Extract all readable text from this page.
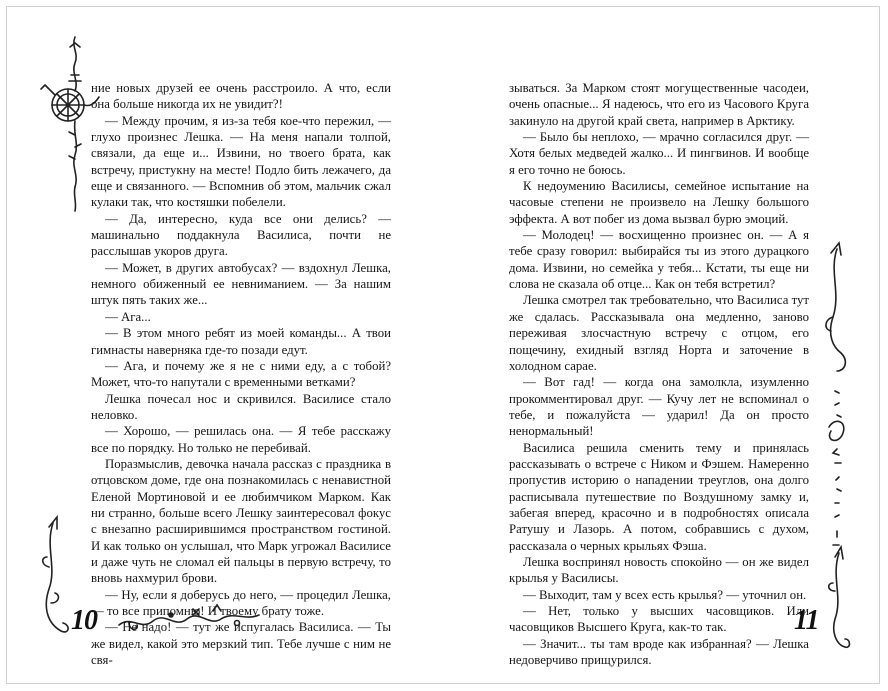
10

ние новых друзей ее очень расстроило. А что, если она больше никогда их не увидит?!

— Между прочим, я из-за тебя кое-что пережил, — глухо произнес Лешка. — На меня напали толпой, связали, да еще и... Извини, но твоего брата, как встречу, пристукну на месте! Подло бить лежачего, да еще и связанного. — Вспомнив об этом, мальчик сжал кулаки так, что костяшки побелели.

— Да, интересно, куда все они делись? — машинально поддакнула Василиса, почти не расслышав укоров друга.

— Может, в других автобусах? — вздохнул Лешка, немного обиженный ее невниманием. — За нашим штук пять таких же...

— Ага...

— В этом много ребят из моей команды... А твои гимнасты наверняка где-то позади едут.

— Ага, и почему же я не с ними еду, а с тобой? Может, что-то напутали с временными ветками?

Лешка почесал нос и скривился. Василисе стало неловко.

— Хорошо, — решилась она. — Я тебе расскажу все по порядку. Но только не перебивай.

Поразмыслив, девочка начала рассказ с праздника в отцовском доме, где она познакомилась с ненавистной Еленой Мортиновой и ее любимчиком Марком. Как ни странно, больше всего Лешку заинтересовал фокус с внезапно расширившимся пространством гостиной. И как только он услышал, что Марк угрожал Василисе и даже чуть не сломал ей пальцы в первую встречу, то вновь нахмурил брови.

— Ну, если я доберусь до него, — процедил Лешка, — то все припомню! И твоему брату тоже.

— Не надо! — тут же испугалась Василиса. — Ты же видел, какой это мерзкий тип. Тебе лучше с ним не свя-

11

зываться. За Марком стоят могущественные часодеи, очень опасные... Я надеюсь, что его из Часового Круга закинуло на другой край света, например в Арктику.

— Было бы неплохо, — мрачно согласился друг. — Хотя белых медведей жалко... И пингвинов. И вообще я его точно не боюсь.

К недоумению Василисы, семейное испытание на часовые степени не произвело на Лешку большого эффекта. А вот побег из дома вызвал бурю эмоций.

— Молодец! — восхищенно произнес он. — А я тебе сразу говорил: выбирайся ты из этого дурацкого дома. Извини, но семейка у тебя... Кстати, ты еще ни слова не сказала об отце... Как он тебя встретил?

Лешка смотрел так требовательно, что Василиса тут же сдалась. Рассказывала она медленно, заново переживая злосчастную встречу с отцом, его пощечину, ехидный взгляд Норта и заточение в холодном сарае.

— Вот гад! — когда она замолкла, изумленно прокомментировал друг. — Кучу лет не вспоминал о тебе, и пожалуйста — ударил! Да он просто ненормальный!

Василиса решила сменить тему и принялась рассказывать о встрече с Ником и Фэшем. Намеренно пропустив историю о нападении треуглов, она долго расписывала путешествие по Воздушному замку и, забегая вперед, красочно и в подробностях описала Ратушу и Лазорь. А потом, собравшись с духом, рассказала о черных крыльях Фэша.

Лешка воспринял новость спокойно — он же видел крылья у Василисы.

— Выходит, там у всех есть крылья? — уточнил он.

— Нет, только у высших часовщиков. Или часовщиков Высшего Круга, как-то так.

— Значит... ты там вроде как избранная? — Лешка недоверчиво прищурился.
